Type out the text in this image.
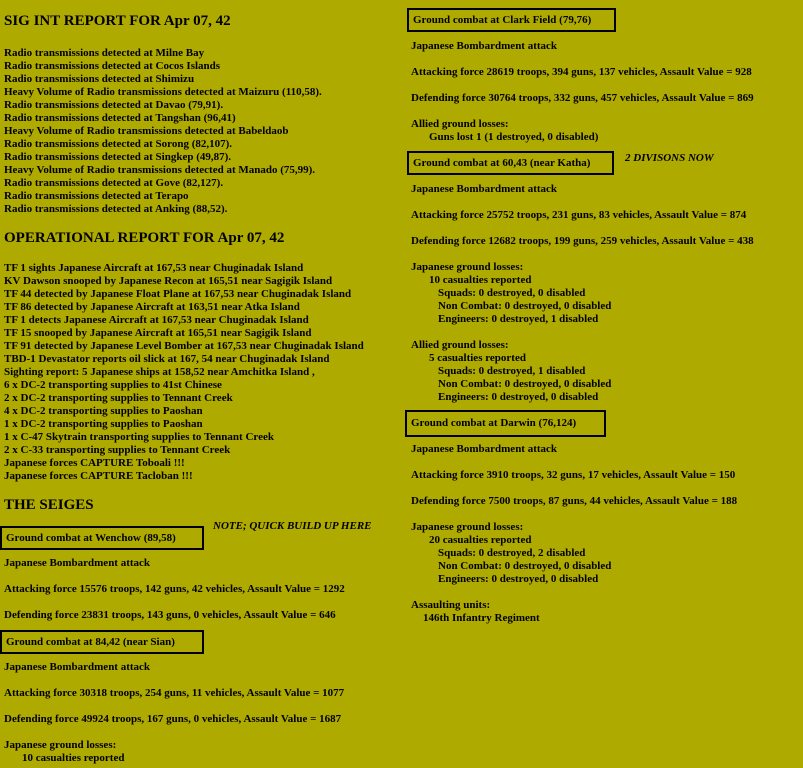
SIG INT REPORT FOR Apr 07, 42
Radio transmissions detected at Milne Bay
Radio transmissions detected at Cocos Islands
Radio transmissions detected at Shimizu
Heavy Volume of Radio transmissions detected at Maizuru (110,58).
Radio transmissions detected at Davao (79,91).
Radio transmissions detected at Tangshan (96,41)
Heavy Volume of Radio transmissions detected at Babeldaob
Radio transmissions detected at Sorong (82,107).
Radio transmissions detected at Singkep (49,87).
Heavy Volume of Radio transmissions detected at Manado (75,99).
Radio transmissions detected at Gove (82,127).
Radio transmissions detected at Terapo
Radio transmissions detected at Anking (88,52).
OPERATIONAL REPORT FOR Apr 07, 42
TF 1 sights Japanese Aircraft at 167,53 near Chuginadak Island
KV Dawson snooped by Japanese Recon at 165,51 near Sagigik Island
TF 44 detected by Japanese Float Plane at 167,53 near Chuginadak Island
TF 86 detected by Japanese Aircraft at 163,51 near Atka Island
TF 1 detects Japanese Aircraft at 167,53 near Chuginadak Island
TF 15 snooped by Japanese Aircraft at 165,51 near Sagigik Island
TF 91 detected by Japanese Level Bomber at 167,53 near Chuginadak Island
TBD-1 Devastator reports oil slick at 167, 54 near Chuginadak Island
Sighting report: 5 Japanese ships at 158,52 near Amchitka Island ,
6 x DC-2 transporting supplies to 41st Chinese
2 x DC-2 transporting supplies to Tennant Creek
4 x DC-2 transporting supplies to Paoshan
1 x DC-2 transporting supplies to Paoshan
1 x C-47 Skytrain transporting supplies to Tennant Creek
2 x C-33 transporting supplies to Tennant Creek
Japanese forces CAPTURE Toboali !!!
Japanese forces CAPTURE Tacloban !!!
THE SEIGES
Ground combat at Wenchow (89,58)
NOTE; QUICK BUILD UP HERE
Japanese Bombardment attack
Attacking force 15576 troops, 142 guns, 42 vehicles, Assault Value = 1292
Defending force 23831 troops, 143 guns, 0 vehicles, Assault Value = 646
Ground combat at 84,42 (near Sian)
Japanese Bombardment attack
Attacking force 30318 troops, 254 guns, 11 vehicles, Assault Value = 1077
Defending force 49924 troops, 167 guns, 0 vehicles, Assault Value = 1687
Japanese ground losses:
10 casualties reported
Ground combat at Clark Field (79,76)
Japanese Bombardment attack
Attacking force 28619 troops, 394 guns, 137 vehicles, Assault Value = 928
Defending force 30764 troops, 332 guns, 457 vehicles, Assault Value = 869
Allied ground losses:
Guns lost 1 (1 destroyed, 0 disabled)
Ground combat at 60,43 (near Katha)	2 DIVISONS NOW
Japanese Bombardment attack
Attacking force 25752 troops, 231 guns, 83 vehicles, Assault Value = 874
Defending force 12682 troops, 199 guns, 259 vehicles, Assault Value = 438
Japanese ground losses:
10 casualties reported
Squads: 0 destroyed, 0 disabled
Non Combat: 0 destroyed, 0 disabled
Engineers: 0 destroyed, 1 disabled
Allied ground losses:
5 casualties reported
Squads: 0 destroyed, 1 disabled
Non Combat: 0 destroyed, 0 disabled
Engineers: 0 destroyed, 0 disabled
Ground combat at Darwin (76,124)
Japanese Bombardment attack
Attacking force 3910 troops, 32 guns, 17 vehicles, Assault Value = 150
Defending force 7500 troops, 87 guns, 44 vehicles, Assault Value = 188
Japanese ground losses:
20 casualties reported
Squads: 0 destroyed, 2 disabled
Non Combat: 0 destroyed, 0 disabled
Engineers: 0 destroyed, 0 disabled
Assaulting units:
146th Infantry Regiment
